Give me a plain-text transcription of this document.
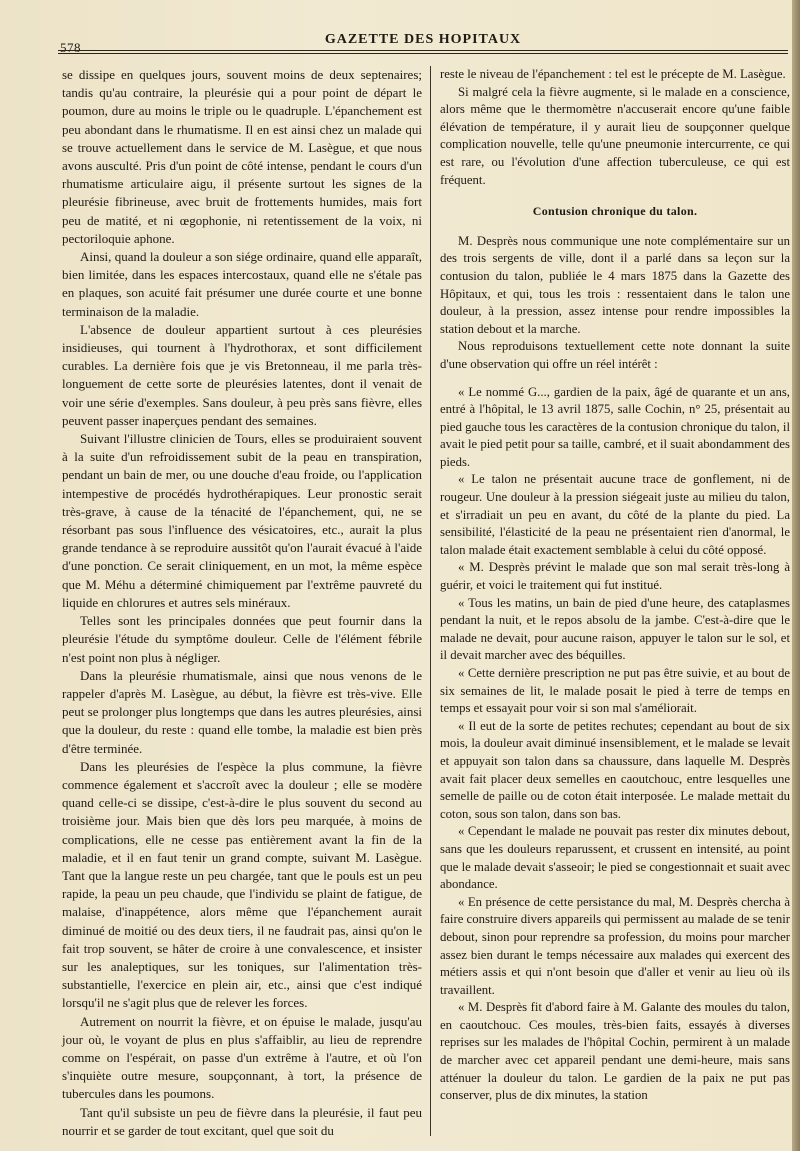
578
GAZETTE DES HOPITAUX

se dissipe en quelques jours, souvent moins de deux septenaires; tandis qu'au contraire, la pleurésie qui a pour point de départ le poumon, dure au moins le triple ou le quadruple. L'épanchement est peu abondant dans le rhumatisme. Il en est ainsi chez un malade qui se trouve actuellement dans le service de M. Lasègue, et que nous avons ausculté. Pris d'un point de côté intense, pendant le cours d'un rhumatisme articulaire aigu, il présente surtout les signes de la pleurésie fibrineuse, avec bruit de frottements humides, mais fort peu de matité, et ni œgophonie, ni retentissement de la voix, ni pectoriloquie aphone.

Ainsi, quand la douleur a son siége ordinaire, quand elle apparaît, bien limitée, dans les espaces intercostaux, quand elle ne s'étale pas en plaques, son acuité fait présumer une durée courte et une bonne terminaison de la maladie.

L'absence de douleur appartient surtout à ces pleurésies insidieuses, qui tournent à l'hydrothorax, et sont difficilement curables. La dernière fois que je vis Bretonneau, il me parla très-longuement de cette sorte de pleurésies latentes, dont il venait de voir une série d'exemples. Sans douleur, à peu près sans fièvre, elles peuvent passer inaperçues pendant des semaines.

Suivant l'illustre clinicien de Tours, elles se produiraient souvent à la suite d'un refroidissement subit de la peau en transpiration, pendant un bain de mer, ou une douche d'eau froide, ou l'application intempestive de procédés hydrothérapiques. Leur pronostic serait très-grave, à cause de la ténacité de l'épanchement, qui, ne se résorbant pas sous l'influence des vésicatoires, etc., aurait la plus grande tendance à se reproduire aussitôt qu'on l'aurait évacué à l'aide d'une ponction. Ce serait cliniquement, en un mot, la même espèce que M. Méhu a déterminé chimiquement par l'extrême pauvreté du liquide en chlorures et autres sels minéraux.

Telles sont les principales données que peut fournir dans la pleurésie l'étude du symptôme douleur. Celle de l'élément fébrile n'est point non plus à négliger.

Dans la pleurésie rhumatismale, ainsi que nous venons de le rappeler d'après M. Lasègue, au début, la fièvre est très-vive. Elle peut se prolonger plus longtemps que dans les autres pleurésies, ainsi que la douleur, du reste : quand elle tombe, la maladie est bien près d'être terminée.

Dans les pleurésies de l'espèce la plus commune, la fièvre commence également et s'accroît avec la douleur ; elle se modère quand celle-ci se dissipe, c'est-à-dire le plus souvent du second au troisième jour. Mais bien que dès lors peu marquée, à moins de complications, elle ne cesse pas entièrement avant la fin de la maladie, et il en faut tenir un grand compte, suivant M. Lasègue. Tant que la langue reste un peu chargée, tant que le pouls est un peu rapide, la peau un peu chaude, que l'individu se plaint de fatigue, de malaise, d'inappétence, alors même que l'épanchement aurait diminué de moitié ou des deux tiers, il ne faudrait pas, ainsi qu'on le fait trop souvent, se hâter de croire à une convalescence, et insister sur les analeptiques, sur les toniques, sur l'alimentation très-substantielle, l'exercice en plein air, etc., ainsi que c'est indiqué lorsqu'il ne s'agit plus que de relever les forces.

Autrement on nourrit la fièvre, et on épuise le malade, jusqu'au jour où, le voyant de plus en plus s'affaiblir, au lieu de reprendre comme on l'espérait, on passe d'un extrême à l'autre, et où l'on s'inquiète outre mesure, soupçonnant, à tort, la présence de tubercules dans les poumons.

Tant qu'il subsiste un peu de fièvre dans la pleurésie, il faut peu nourrir et se garder de tout excitant, quel que soit du

reste le niveau de l'épanchement : tel est le précepte de M. Lasègue.

Si malgré cela la fièvre augmente, si le malade en a conscience, alors même que le thermomètre n'accuserait encore qu'une faible élévation de température, il y aurait lieu de soupçonner quelque complication nouvelle, telle qu'une pneumonie intercurrente, ce qui est rare, ou l'évolution d'une affection tuberculeuse, ce qui est fréquent.

Contusion chronique du talon.

M. Desprès nous communique une note complémentaire sur un des trois sergents de ville, dont il a parlé dans sa leçon sur la contusion du talon, publiée le 4 mars 1875 dans la Gazette des Hôpitaux, et qui, tous les trois : ressentaient dans le talon une douleur, à la pression, assez intense pour rendre impossibles la station debout et la marche.

Nous reproduisons textuellement cette note donnant la suite d'une observation qui offre un réel intérêt :

« Le nommé G..., gardien de la paix, âgé de quarante et un ans, entré à l'hôpital, le 13 avril 1875, salle Cochin, n° 25, présentait au pied gauche tous les caractères de la contusion chronique du talon, il avait le pied petit pour sa taille, cambré, et il suait abondamment des pieds.

« Le talon ne présentait aucune trace de gonflement, ni de rougeur. Une douleur à la pression siégeait juste au milieu du talon, et s'irradiait un peu en avant, du côté de la plante du pied. La sensibilité, l'élasticité de la peau ne présentaient rien d'anormal, le talon malade était exactement semblable à celui du côté opposé.

« M. Desprès prévint le malade que son mal serait très-long à guérir, et voici le traitement qui fut institué.

« Tous les matins, un bain de pied d'une heure, des cataplasmes pendant la nuit, et le repos absolu de la jambe. C'est-à-dire que le malade ne devait, pour aucune raison, appuyer le talon sur le sol, et il devait marcher avec des béquilles.

« Cette dernière prescription ne put pas être suivie, et au bout de six semaines de lit, le malade posait le pied à terre de temps en temps et essayait pour voir si son mal s'améliorait.

« Il eut de la sorte de petites rechutes; cependant au bout de six mois, la douleur avait diminué insensiblement, et le malade se levait et appuyait son talon dans sa chaussure, dans laquelle M. Desprès avait fait placer deux semelles en caoutchouc, entre lesquelles une semelle de paille ou de coton était interposée. Le malade mettait du coton, sous son talon, dans son bas.

« Cependant le malade ne pouvait pas rester dix minutes debout, sans que les douleurs reparussent, et crussent en intensité, au point que le malade devait s'asseoir; le pied se congestionnait et suait avec abondance.

« En présence de cette persistance du mal, M. Desprès chercha à faire construire divers appareils qui permissent au malade de se tenir debout, sinon pour reprendre sa profession, du moins pour marcher assez bien durant le temps nécessaire aux malades qui exercent des métiers assis et qui n'ont besoin que d'aller et venir au lieu où ils travaillent.

« M. Desprès fit d'abord faire à M. Galante des moules du talon, en caoutchouc. Ces moules, très-bien faits, essayés à diverses reprises sur les malades de l'hôpital Cochin, permirent à un malade de marcher avec cet appareil pendant une demi-heure, mais sans atténuer la douleur du talon. Le gardien de la paix ne put pas conserver, plus de dix minutes, la station
